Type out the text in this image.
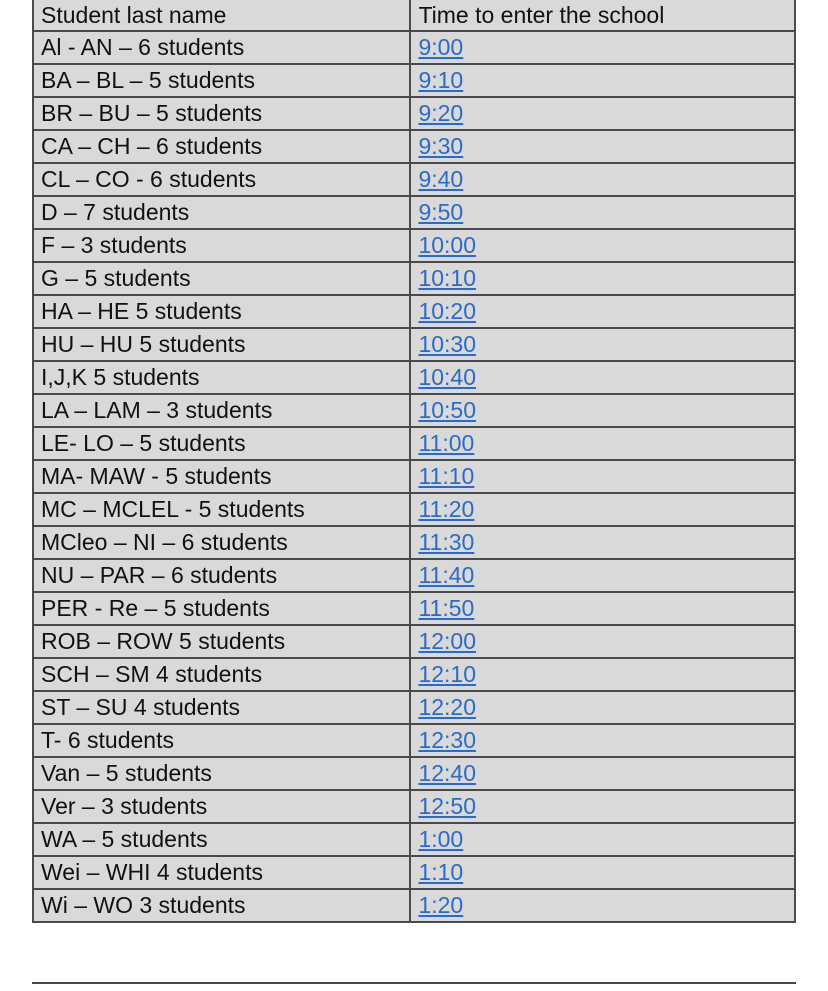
Student last name	Time to enter the school
Al - AN – 6 students	9:00
BA – BL – 5 students	9:10
BR – BU – 5 students	9:20
CA – CH – 6 students	9:30
CL – CO - 6 students	9:40
D – 7 students	9:50
F – 3 students	10:00
G – 5 students	10:10
HA – HE 5 students	10:20
HU – HU 5 students	10:30
I,J,K 5 students	10:40
LA – LAM – 3 students	10:50
LE- LO – 5 students	11:00
MA- MAW - 5 students	11:10
MC – MCLEL - 5 students	11:20
MCleo – NI – 6 students	11:30
NU – PAR – 6 students	11:40
PER - Re – 5 students	11:50
ROB – ROW 5 students	12:00
SCH – SM 4 students	12:10
ST – SU 4 students	12:20
T- 6 students	12:30
Van – 5 students	12:40
Ver – 3 students	12:50
WA – 5 students	1:00
Wei – WHI 4 students	1:10
Wi – WO 3 students	1:20
